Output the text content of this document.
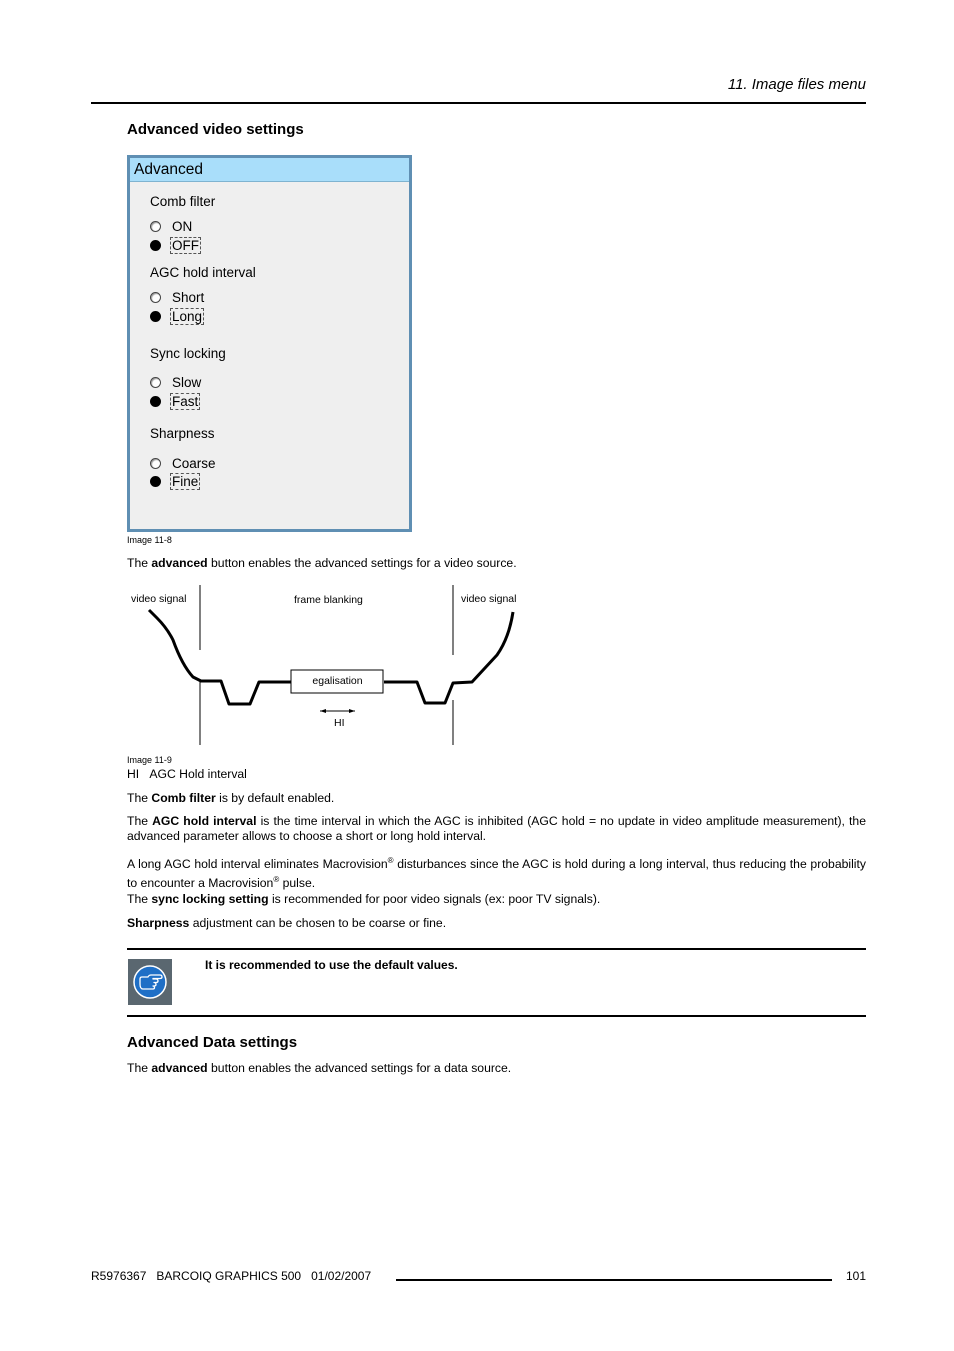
11. Image files menu
Advanced video settings
Advanced
Comb filter
ON
OFF
AGC hold interval
Short
Long
Sync locking
Slow
Fast
Sharpness
Coarse
Fine
Image 11-8
The advanced button enables the advanced settings for a video source.
video signal	frame blanking	video signal
egalisation
HI
Image 11-9
HI AGC Hold interval
The Comb filter is by default enabled.
The AGC hold interval is the time interval in which the AGC is inhibited (AGC hold = no update in video amplitude measurement), the advanced parameter allows to choose a short or long hold interval.
A long AGC hold interval eliminates Macrovision® disturbances since the AGC is hold during a long interval, thus reducing the probability to encounter a Macrovision® pulse.
The sync locking setting is recommended for poor video signals (ex: poor TV signals).
Sharpness adjustment can be chosen to be coarse or fine.
It is recommended to use the default values.
Advanced Data settings
The advanced button enables the advanced settings for a data source.
R5976367   BARCOIQ GRAPHICS 500   01/02/2007	101
